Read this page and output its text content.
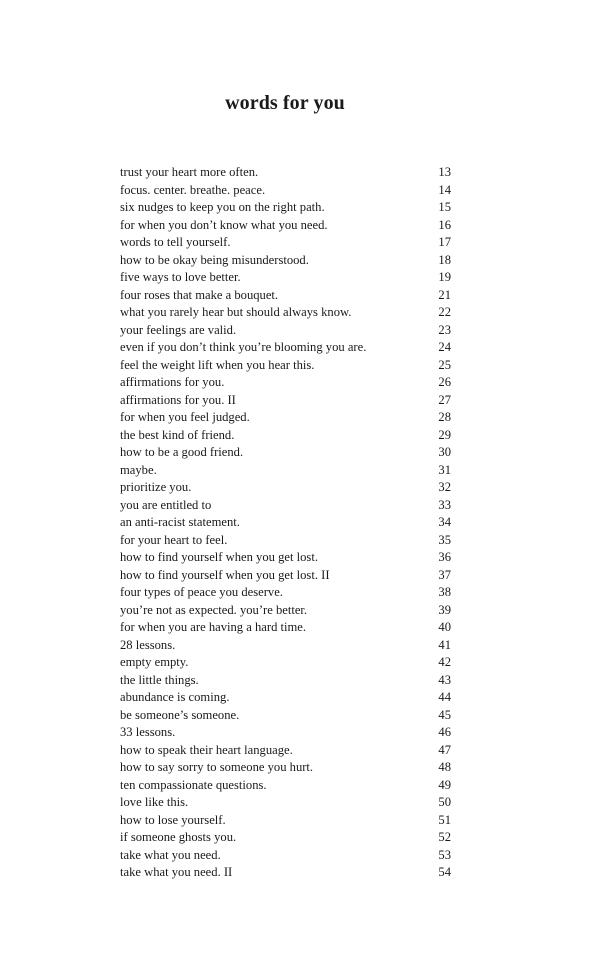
words for you
trust your heart more often.	13
focus. center. breathe. peace.	14
six nudges to keep you on the right path.	15
for when you don’t know what you need.	16
words to tell yourself.	17
how to be okay being misunderstood.	18
five ways to love better.	19
four roses that make a bouquet.	21
what you rarely hear but should always know.	22
your feelings are valid.	23
even if you don’t think you’re blooming you are.	24
feel the weight lift when you hear this.	25
affirmations for you.	26
affirmations for you. II	27
for when you feel judged.	28
the best kind of friend.	29
how to be a good friend.	30
maybe.	31
prioritize you.	32
you are entitled to	33
an anti-racist statement.	34
for your heart to feel.	35
how to find yourself when you get lost.	36
how to find yourself when you get lost. II	37
four types of peace you deserve.	38
you’re not as expected. you’re better.	39
for when you are having a hard time.	40
28 lessons.	41
empty empty.	42
the little things.	43
abundance is coming.	44
be someone’s someone.	45
33 lessons.	46
how to speak their heart language.	47
how to say sorry to someone you hurt.	48
ten compassionate questions.	49
love like this.	50
how to lose yourself.	51
if someone ghosts you.	52
take what you need.	53
take what you need. II	54
